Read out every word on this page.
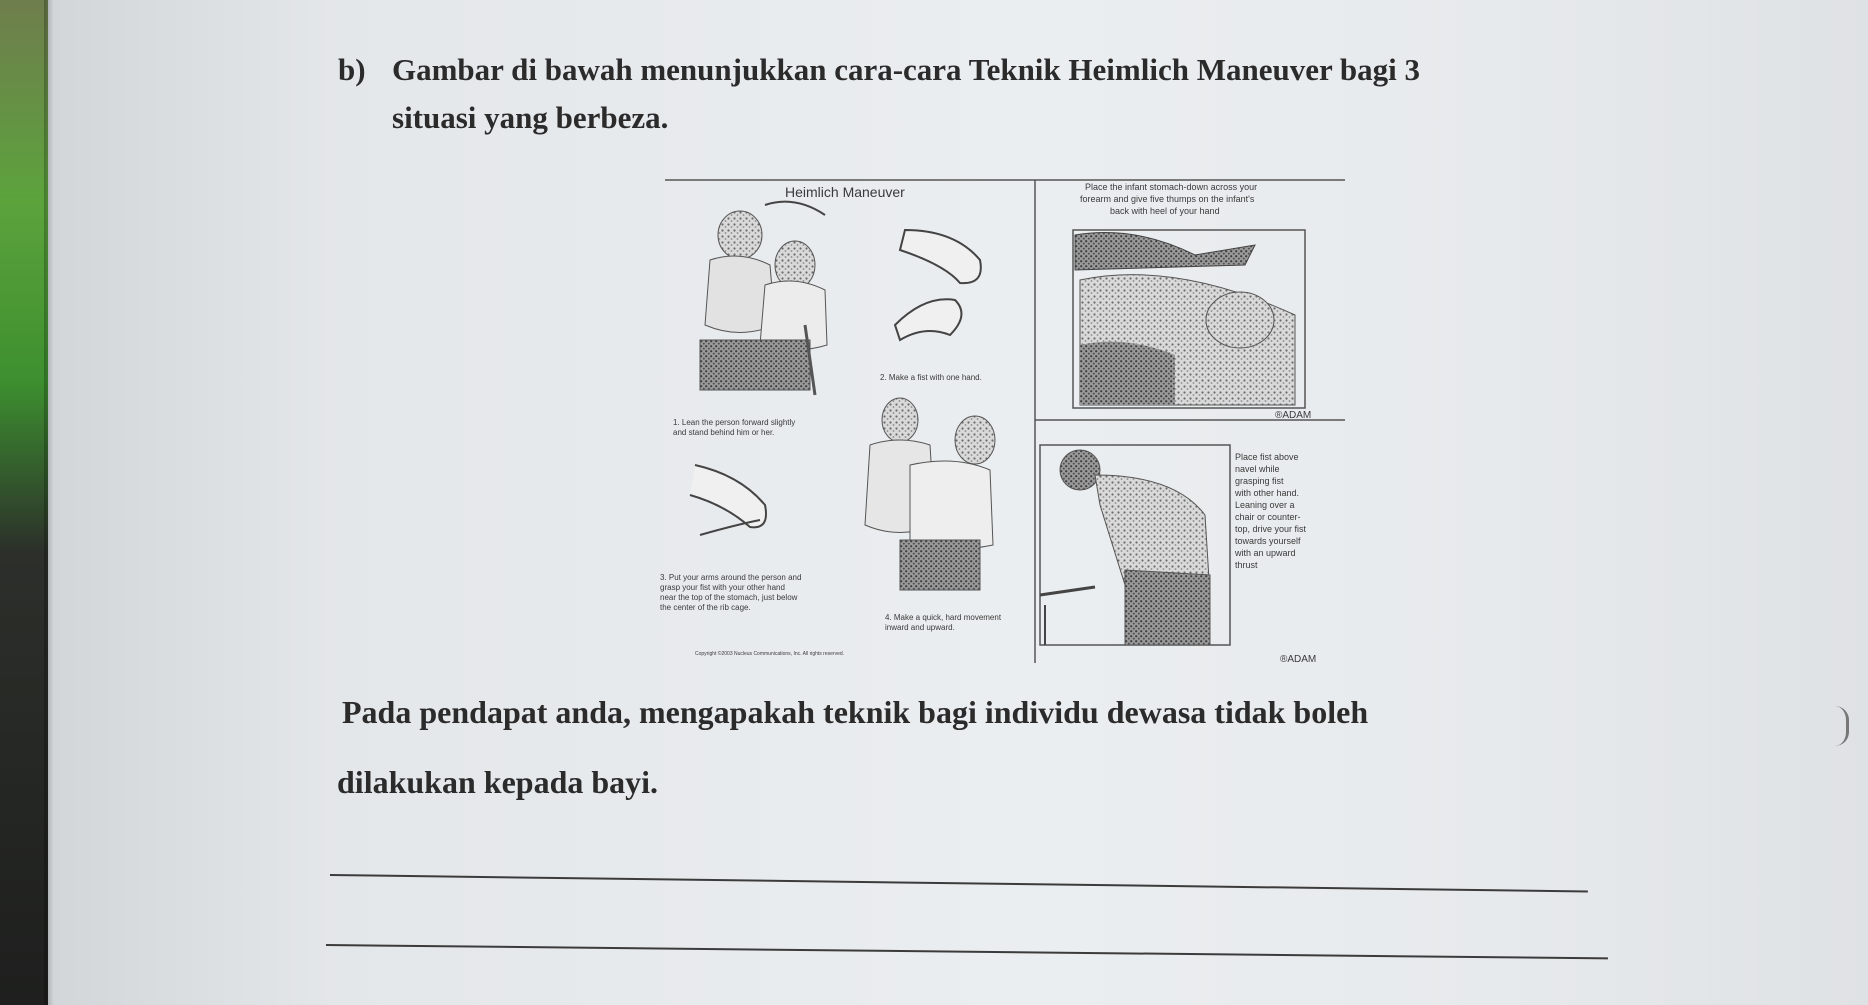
b) Gambar di bawah menunjukkan cara-cara Teknik Heimlich Maneuver bagi 3
situasi yang berbeza.
Heimlich Maneuver
1. Lean the person forward slightly
and stand behind him or her.
2. Make a fist with one hand.
3. Put your arms around the person and
grasp your fist with your other hand
near the top of the stomach, just below
the center of the rib cage.
4. Make a quick, hard movement
inward and upward.
Copyright ©2003 Nucleus Communications, Inc. All rights reserved.
Place the infant stomach-down across your
forearm and give five thumps on the infant's
back with heel of your hand
®ADAM
Place fist above
navel while
grasping fist
with other hand.
Leaning over a
chair or counter-
top, drive your fist
towards yourself
with an upward
thrust
®ADAM
Pada pendapat anda, mengapakah teknik bagi individu dewasa tidak boleh
dilakukan kepada bayi.
